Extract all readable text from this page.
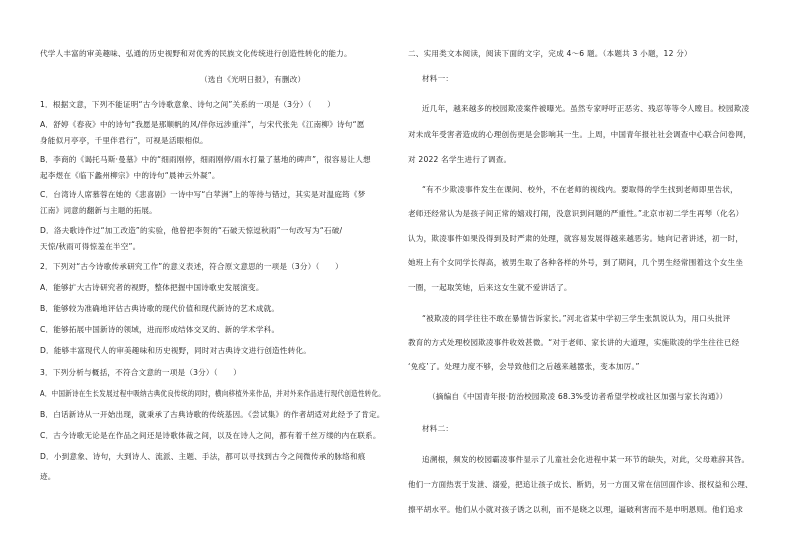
代学人丰富的审美趣味、弘通的历史视野和对优秀的民族文化传统进行创造性转化的能力。
（选自《光明日报》，有删改）
1．根据文意，下列不能证明“古今诗歌意象、诗句之间”关系的一项是（3分）（　　）
A．舒婷《春夜》中的诗句“我愿是那顺帆的风/伴你远涉重洋”，与宋代张先《江南柳》诗句“愿
身能似月亭亭，千里伴君行”，可视是活眼相似。
B．李商的《谒托马斯·曼墓》中的“细雨刚停，细雨刚停/雨水打量了墓地的碑声”，很容易让人想
起李煜在《临下蠡州柳宗》中的诗句“晨神云外凝”。
C．台湾诗人席慕蓉在她的《悲喜剧》一诗中写“白苹洲”上的等待与错过，其实是对温庭筠《梦
江南》词意的翻新与主题的拓展。
D．洛夫歌诗作过“加工改造”的实验，他曾把李贺的“石破天惊逗秋雨”一句改写为“石破/
天惊/秋雨可得惊羞在半空”。
2．下列对“古今诗歌传承研究工作”的意义表述，符合原文意思的一项是（3分）（　　）
A．能够扩大古诗研究者的视野，整体把握中国诗歌史发展演变。
B．能够较为准确地评估古典诗歌的现代价值和现代新诗的艺术成就。
C．能够拓展中国新诗的领域，进而形成结体交叉的、新的学术学科。
D．能够丰富现代人的审美趣味和历史视野，同时对古典诗文进行创造性转化。
3．下列分析与概括，不符合文意的一项是（3分）（　　）
A．中国新诗在生长发展过程中吸纳古典优良传统的同时，横向移植外来作品，并对外来作品进行现代创造性转化。
B．白话新诗从一开始出现，就秉承了古典诗歌的传统基因。《尝试集》的作者胡适对此经予了肯定。
C．古今诗歌无论是在作品之间还是诗歌体裁之间，以及在诗人之间，都有着千丝万缕的内在联系。
D．小到意象、诗句，大到诗人、流派、主题、手法，都可以寻找到古今之间微传承的脉络和痕
迹。
二、实用类文本阅读，阅读下面的文字，完成 4～6 题。（本题共 3 小题，12 分）
材料一：
近几年，越来越多的校园欺凌案件被曝光。虽然专家呼吁正恶劣、残忍等等令人瞠目。校园欺凌
对未成年受害者造成的心理创伤更是会影响其一生。上周，中国青年报社社会调查中心联合问卷网，
对 2022 名学生进行了调查。
“有不少欺凌事件发生在课间、校外，不在老师的视线内。要取得的学生找到老师即里告状，
老师还经常认为是孩子间正常的嬉戏打闹，没意识到问题的严重性。”北京市初二学生再琴（化名）
认为，欺凌事件如果没得到及时严肃的处理，就容易发展得越来越恶劣。她向记者讲述，初一时，
她班上有个女同学长得高，被男生取了各种各样的外号，到了期间，几个男生经常围着这个女生坐
一圈，一起取笑她，后来这女生就不爱讲话了。
“被欺凌的同学往往不敢在暴情告诉家长。”河北省某中学初三学生张凯说认为，用口头批评
教育的方式处理校园欺凌事件收效甚微。“对于老师、家长讲的大道理，实施欺凌的学生往往已经
‘免疫’了。处理力度不够，会导致他们之后越来越嚣张，变本加厉。”
（摘编自《中国青年报·防治校园欺凌 68.3%受访者希望学校或社区加强与家长沟通》）
材料二：
追溯根，频发的校园霸凌事件显示了儿童社会化进程中某一环节的缺失，对此，父母难辞其咎。
他们一方面热衷于发泄、溺爱，把追让孩子成长、断奶，另一方面又常在信回面作诊、报权益和公理、
擦平胡水平。他们从小就对孩子诱之以利，而不是晓之以理，逼破利害而不是申明恩则。他们追求
